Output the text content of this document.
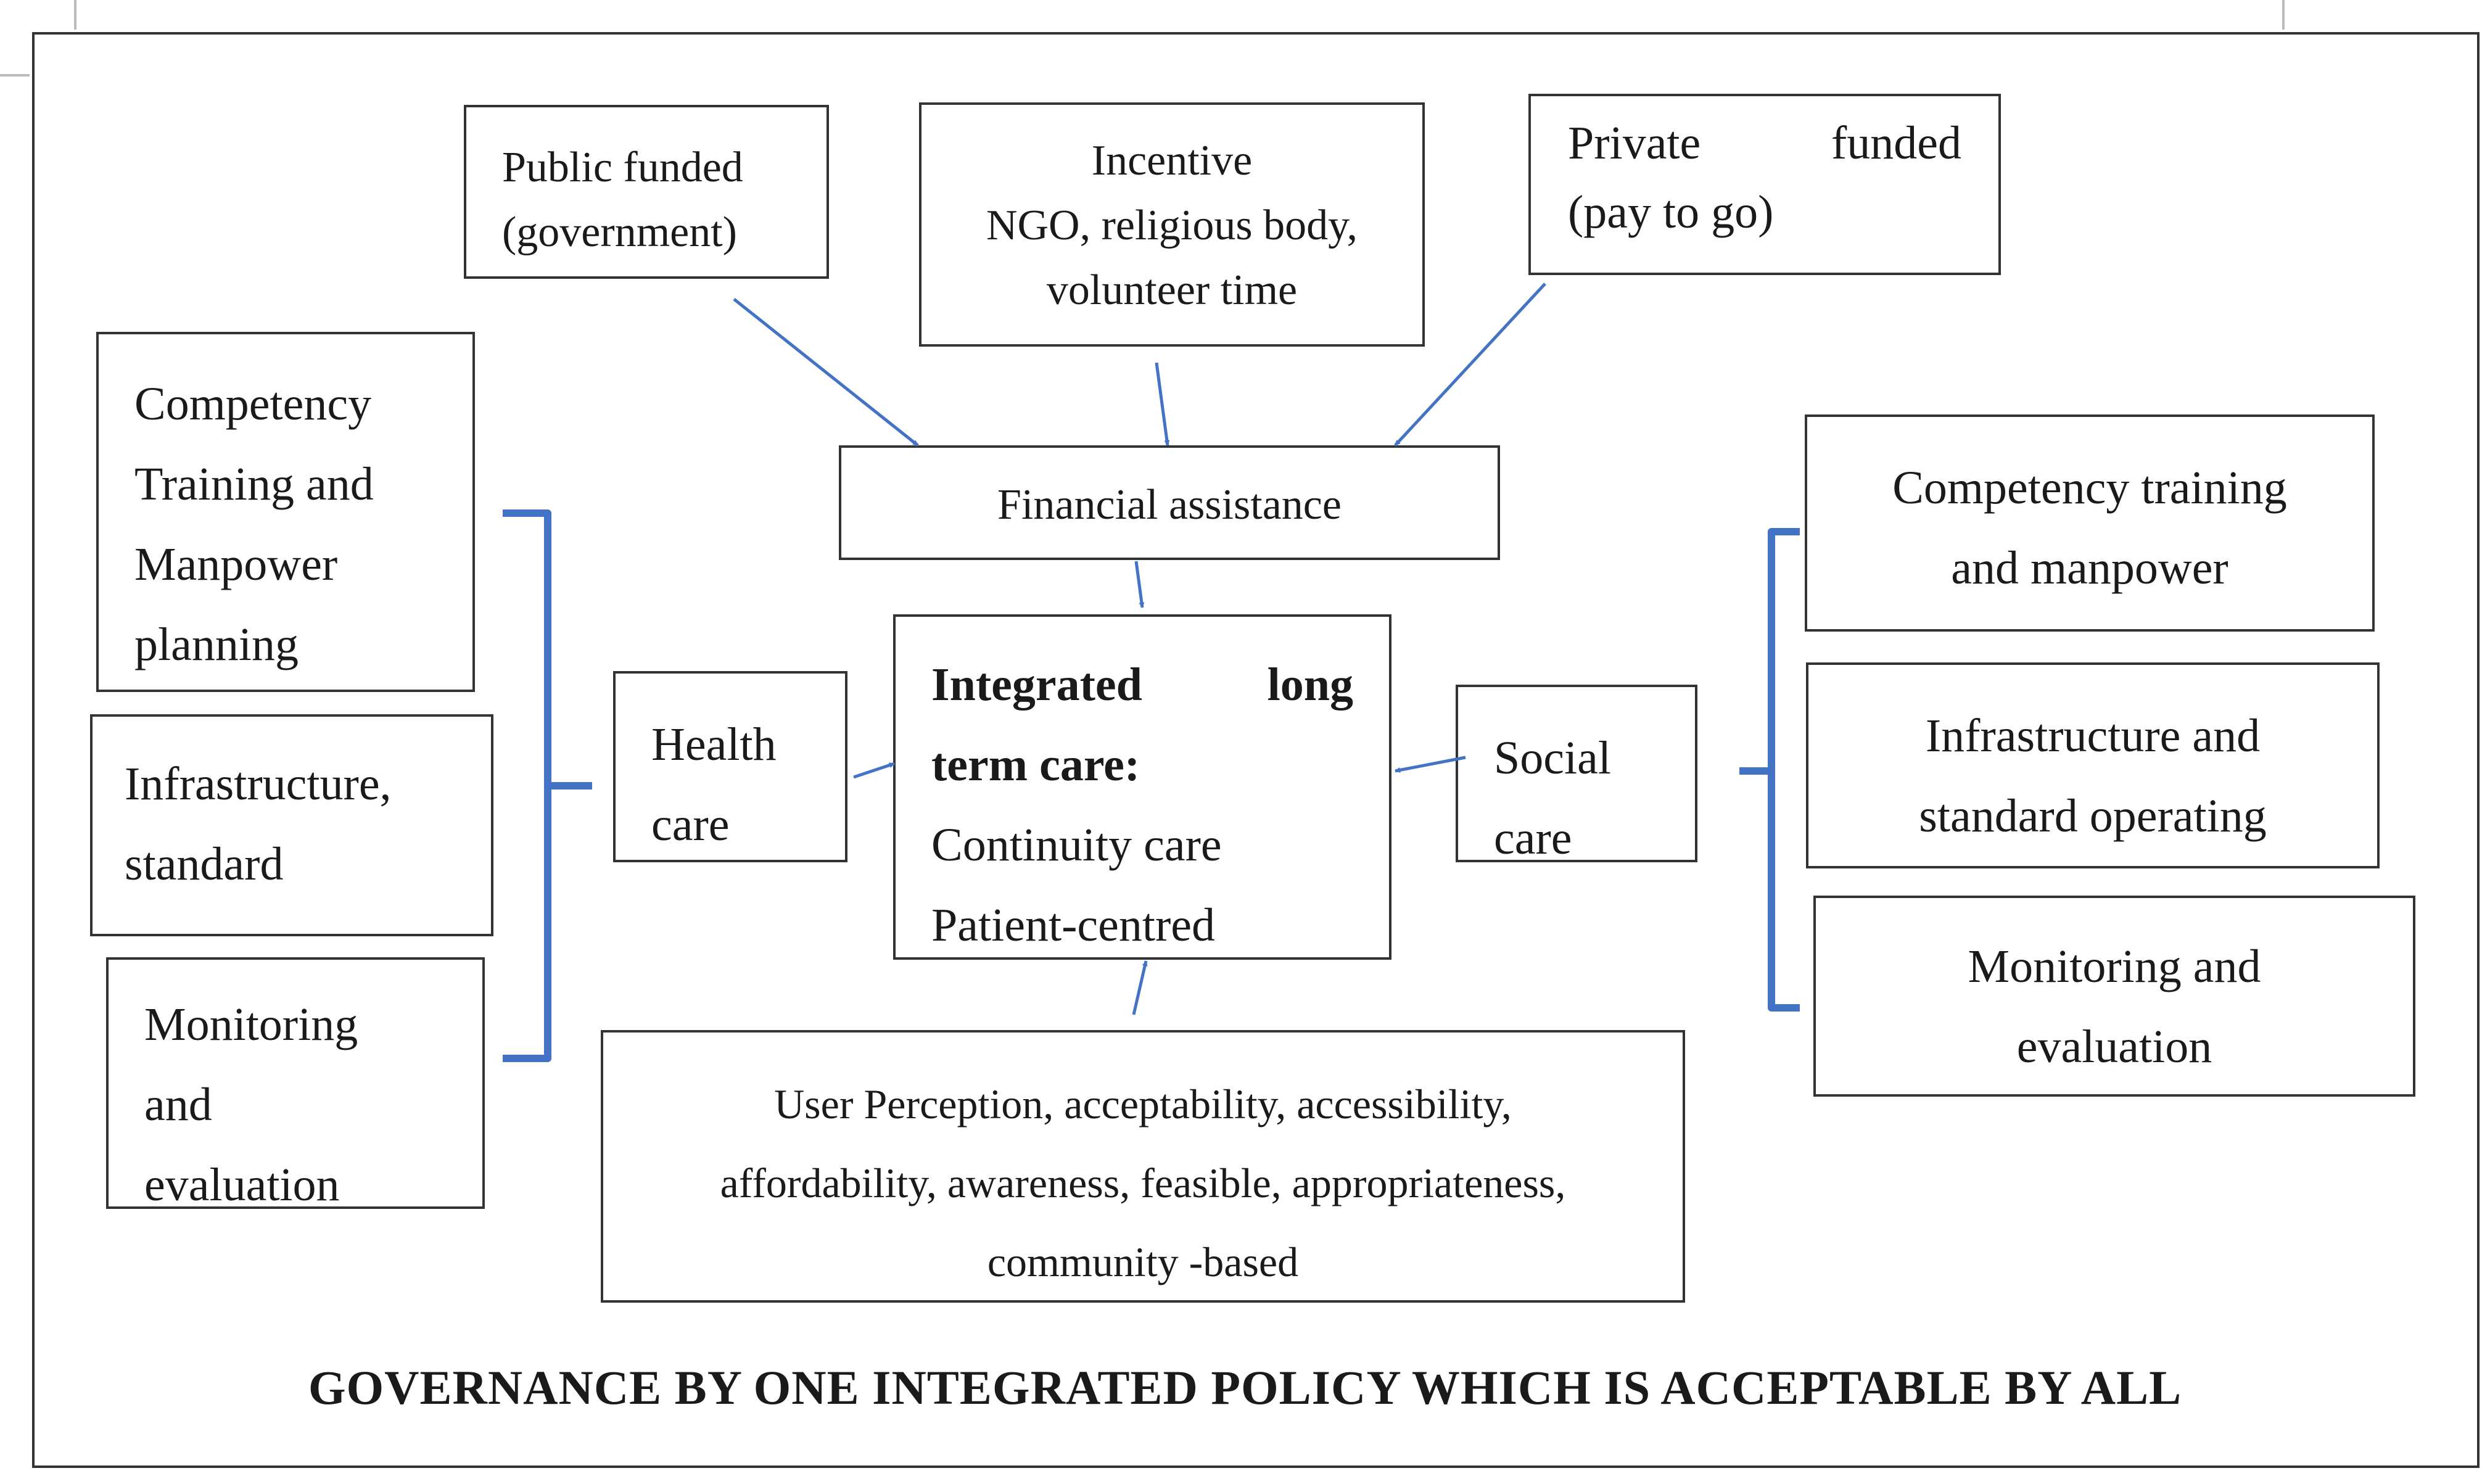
Public funded
(government)
Incentive
NGO, religious body,
volunteer time
Private funded
(pay to go)
Financial assistance
Integrated long
term care:
Continuity care
Patient-centred
Health
care
Social
care
User Perception, acceptability, accessibility,
affordability, awareness, feasible, appropriateness,
community -based
Competency
Training and
Manpower
planning
Infrastructure,
standard
Monitoring
and
evaluation
Competency training
and manpower
Infrastructure and
standard operating
Monitoring and
evaluation
GOVERNANCE BY ONE INTEGRATED POLICY WHICH IS ACCEPTABLE BY ALL
